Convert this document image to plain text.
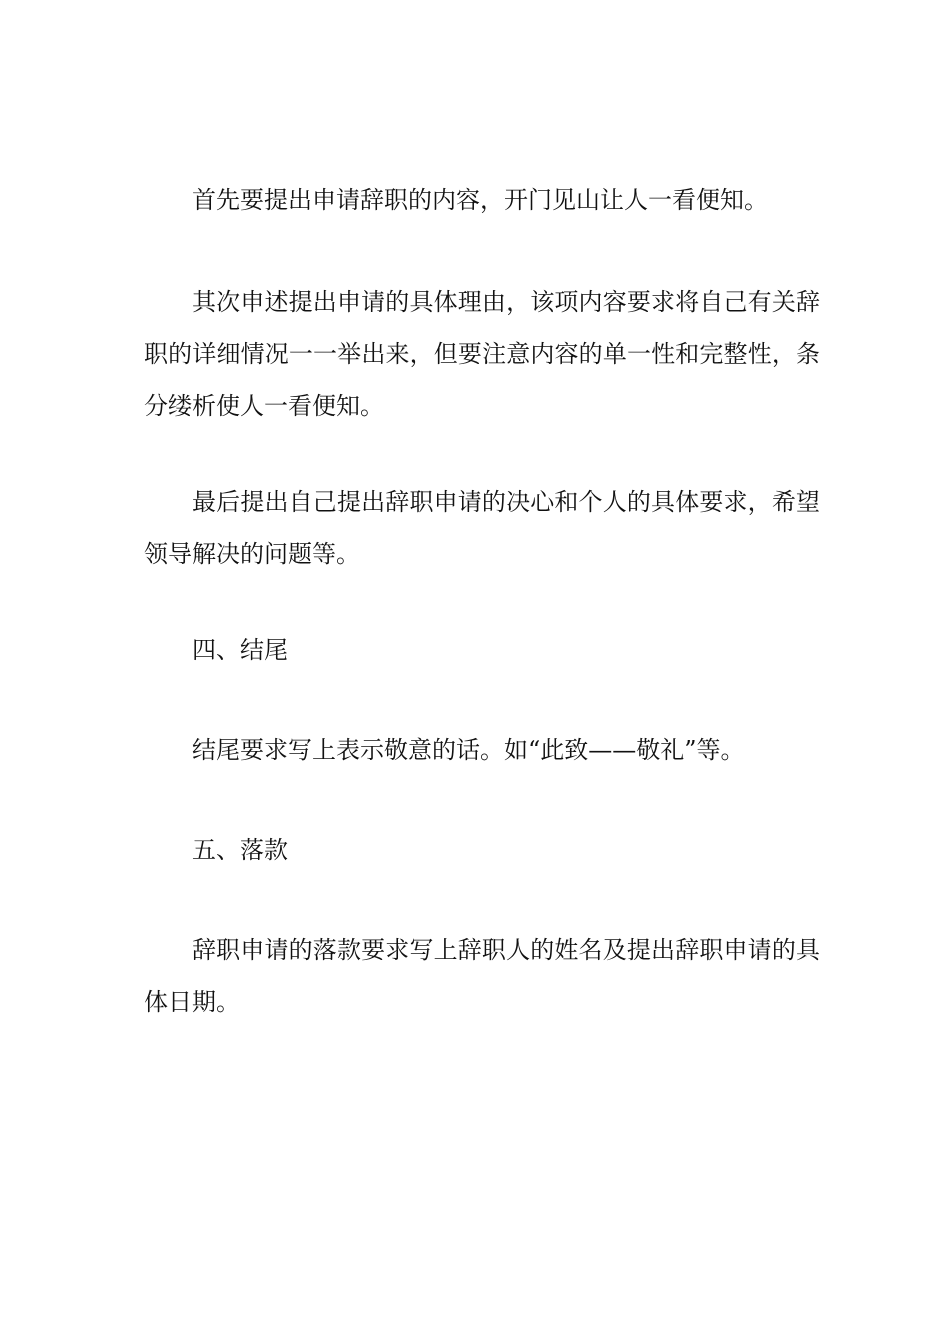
首先要提出申请辞职的内容，开门见山让人一看便知。

其次申述提出申请的具体理由，该项内容要求将自己有关辞职的详细情况一一举出来，但要注意内容的单一性和完整性，条分缕析使人一看便知。

最后提出自己提出辞职申请的决心和个人的具体要求，希望领导解决的问题等。

四、结尾

结尾要求写上表示敬意的话。如“此致——敬礼”等。

五、落款

辞职申请的落款要求写上辞职人的姓名及提出辞职申请的具体日期。
